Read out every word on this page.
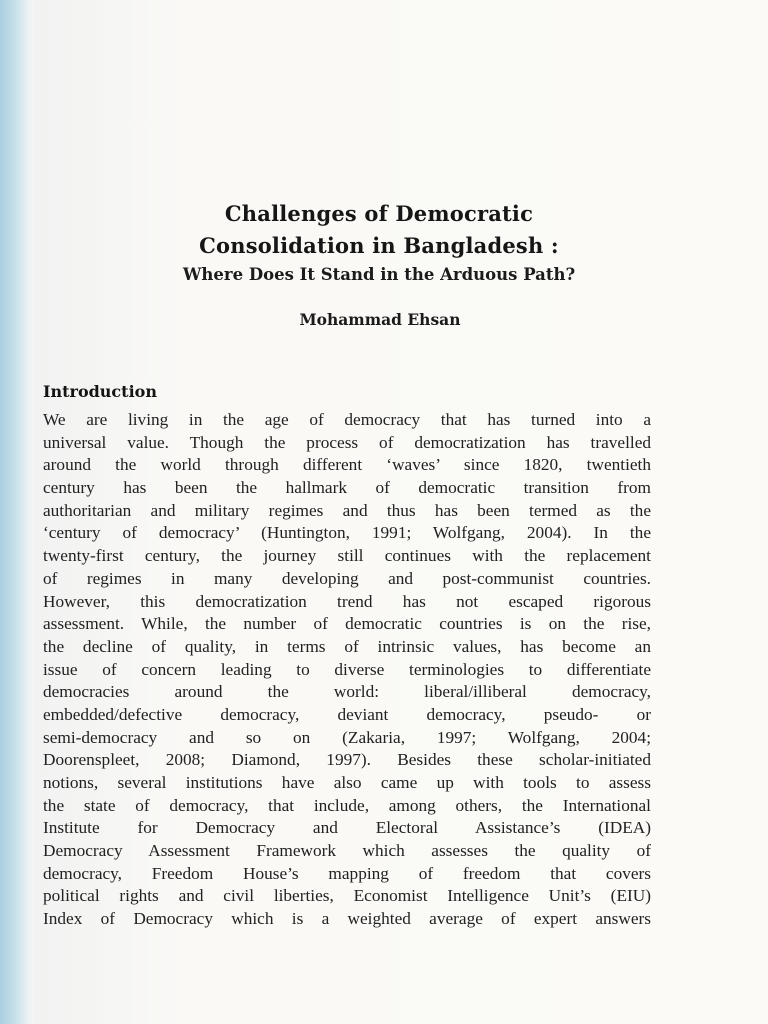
Challenges of Democratic
Consolidation in Bangladesh :
Where Does It Stand in the Arduous Path?
Mohammad Ehsan
Introduction
We are living in the age of democracy that has turned into a
universal value. Though the process of democratization has travelled
around the world through different ‘waves’ since 1820, twentieth
century has been the hallmark of democratic transition from
authoritarian and military regimes and thus has been termed as the
‘century of democracy’ (Huntington, 1991; Wolfgang, 2004). In the
twenty-first century, the journey still continues with the replacement
of regimes in many developing and post-communist countries.
However, this democratization trend has not escaped rigorous
assessment. While, the number of democratic countries is on the rise,
the decline of quality, in terms of intrinsic values, has become an
issue of concern leading to diverse terminologies to differentiate
democracies around the world: liberal/illiberal democracy,
embedded/defective democracy, deviant democracy, pseudo- or
semi-democracy and so on (Zakaria, 1997; Wolfgang, 2004;
Doorenspleet, 2008; Diamond, 1997). Besides these scholar-initiated
notions, several institutions have also came up with tools to assess
the state of democracy, that include, among others, the International
Institute for Democracy and Electoral Assistance’s (IDEA)
Democracy Assessment Framework which assesses the quality of
democracy, Freedom House’s mapping of freedom that covers
political rights and civil liberties, Economist Intelligence Unit’s (EIU)
Index of Democracy which is a weighted average of expert answers
